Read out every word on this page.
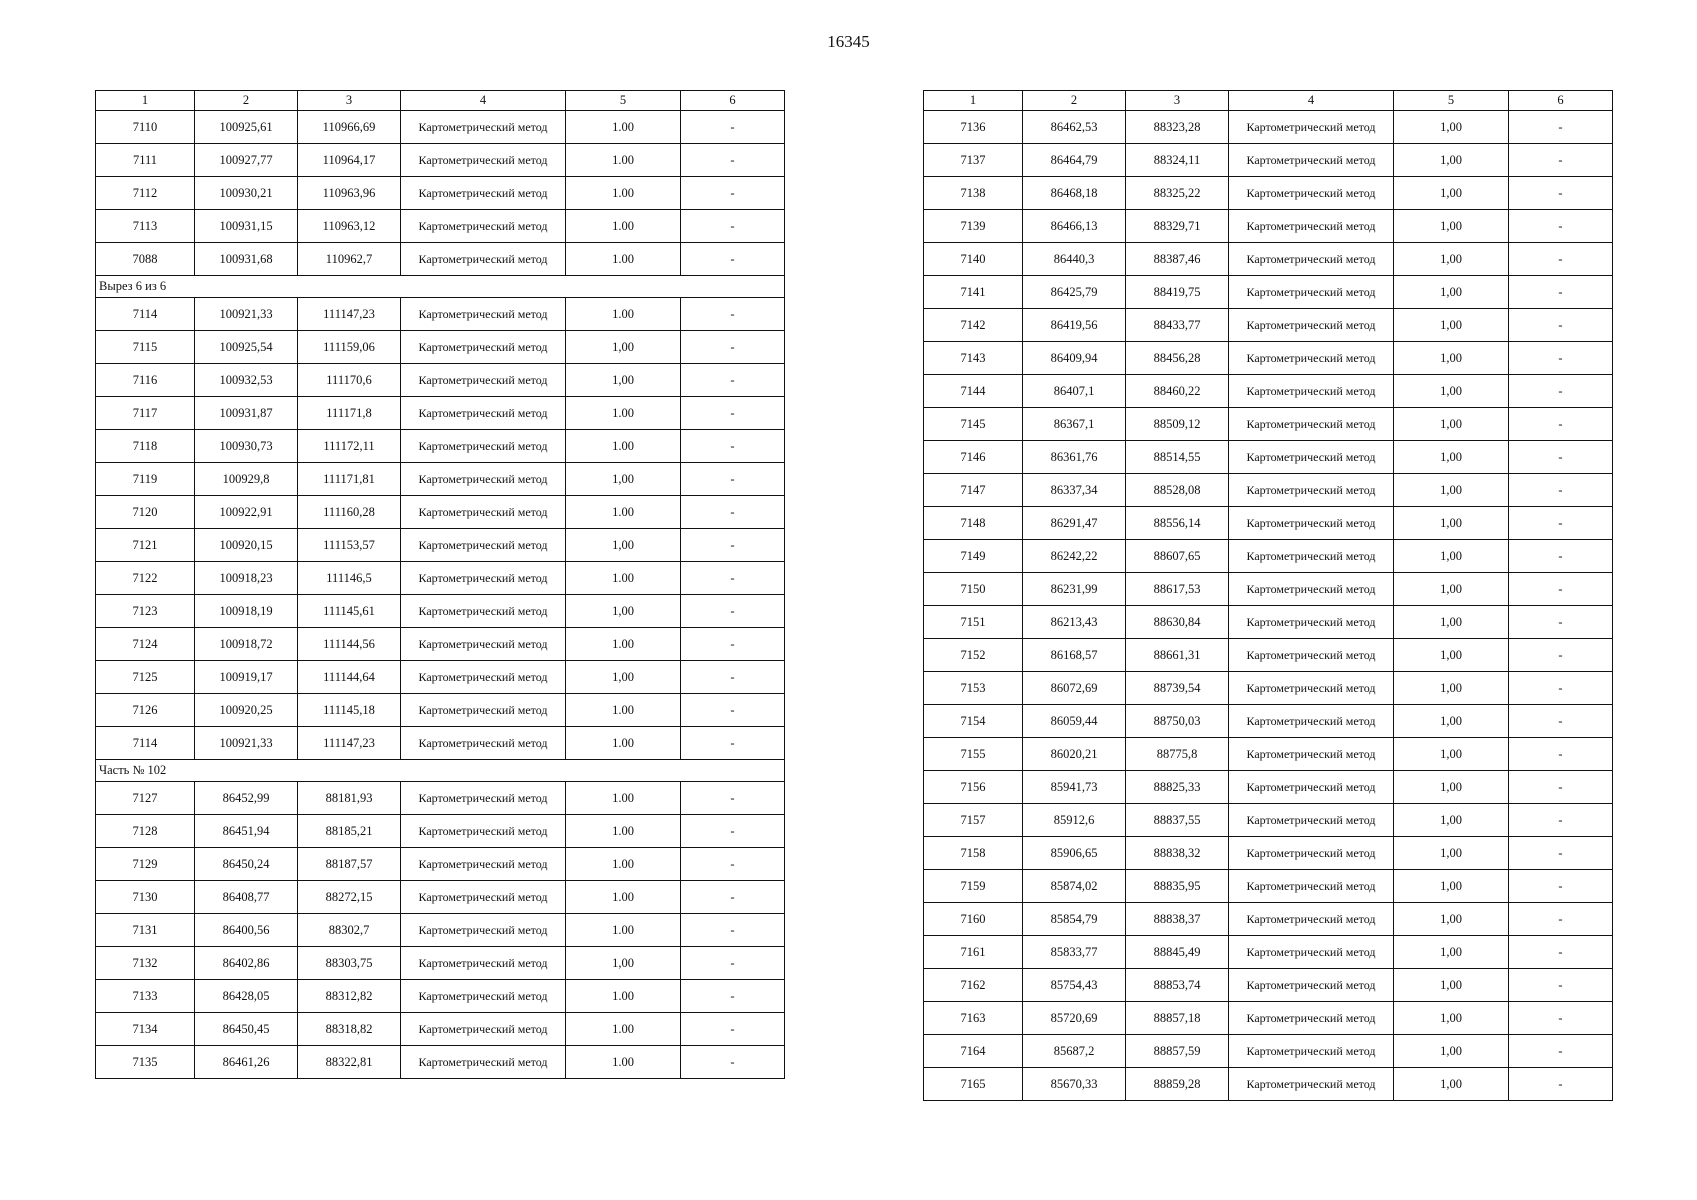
16345
1	2	3	4	5	6
7110	100925,61	110966,69	Картометрический метод	1.00	-
7111	100927,77	110964,17	Картометрический метод	1.00	-
7112	100930,21	110963,96	Картометрический метод	1.00	-
7113	100931,15	110963,12	Картометрический метод	1.00	-
7088	100931,68	110962,7	Картометрический метод	1.00	-
Вырез 6 из 6					
7114	100921,33	111147,23	Картометрический метод	1.00	-
7115	100925,54	111159,06	Картометрический метод	1,00	-
7116	100932,53	111170,6	Картометрический метод	1,00	-
7117	100931,87	111171,8	Картометрический метод	1.00	-
7118	100930,73	111172,11	Картометрический метод	1.00	-
7119	100929,8	111171,81	Картометрический метод	1,00	-
7120	100922,91	111160,28	Картометрический метод	1.00	-
7121	100920,15	111153,57	Картометрический метод	1,00	-
7122	100918,23	111146,5	Картометрический метод	1.00	-
7123	100918,19	111145,61	Картометрический метод	1,00	-
7124	100918,72	111144,56	Картометрический метод	1.00	-
7125	100919,17	111144,64	Картометрический метод	1,00	-
7126	100920,25	111145,18	Картометрический метод	1.00	-
7114	100921,33	111147,23	Картометрический метод	1.00	-
Часть № 102					
7127	86452,99	88181,93	Картометрический метод	1.00	-
7128	86451,94	88185,21	Картометрический метод	1.00	-
7129	86450,24	88187,57	Картометрический метод	1.00	-
7130	86408,77	88272,15	Картометрический метод	1.00	-
7131	86400,56	88302,7	Картометрический метод	1.00	-
7132	86402,86	88303,75	Картометрический метод	1,00	-
7133	86428,05	88312,82	Картометрический метод	1.00	-
7134	86450,45	88318,82	Картометрический метод	1.00	-
7135	86461,26	88322,81	Картометрический метод	1.00	-
1	2	3	4	5	6
7136	86462,53	88323,28	Картометрический метод	1,00	-
7137	86464,79	88324,11	Картометрический метод	1,00	-
7138	86468,18	88325,22	Картометрический метод	1,00	-
7139	86466,13	88329,71	Картометрический метод	1,00	-
7140	86440,3	88387,46	Картометрический метод	1,00	-
7141	86425,79	88419,75	Картометрический метод	1,00	-
7142	86419,56	88433,77	Картометрический метод	1,00	-
7143	86409,94	88456,28	Картометрический метод	1,00	-
7144	86407,1	88460,22	Картометрический метод	1,00	-
7145	86367,1	88509,12	Картометрический метод	1,00	-
7146	86361,76	88514,55	Картометрический метод	1,00	-
7147	86337,34	88528,08	Картометрический метод	1,00	-
7148	86291,47	88556,14	Картометрический метод	1,00	-
7149	86242,22	88607,65	Картометрический метод	1,00	-
7150	86231,99	88617,53	Картометрический метод	1,00	-
7151	86213,43	88630,84	Картометрический метод	1,00	-
7152	86168,57	88661,31	Картометрический метод	1,00	-
7153	86072,69	88739,54	Картометрический метод	1,00	-
7154	86059,44	88750,03	Картометрический метод	1,00	-
7155	86020,21	88775,8	Картометрический метод	1,00	-
7156	85941,73	88825,33	Картометрический метод	1,00	-
7157	85912,6	88837,55	Картометрический метод	1,00	-
7158	85906,65	88838,32	Картометрический метод	1,00	-
7159	85874,02	88835,95	Картометрический метод	1,00	-
7160	85854,79	88838,37	Картометрический метод	1,00	-
7161	85833,77	88845,49	Картометрический метод	1,00	-
7162	85754,43	88853,74	Картометрический метод	1,00	-
7163	85720,69	88857,18	Картометрический метод	1,00	-
7164	85687,2	88857,59	Картометрический метод	1,00	-
7165	85670,33	88859,28	Картометрический метод	1,00	-
